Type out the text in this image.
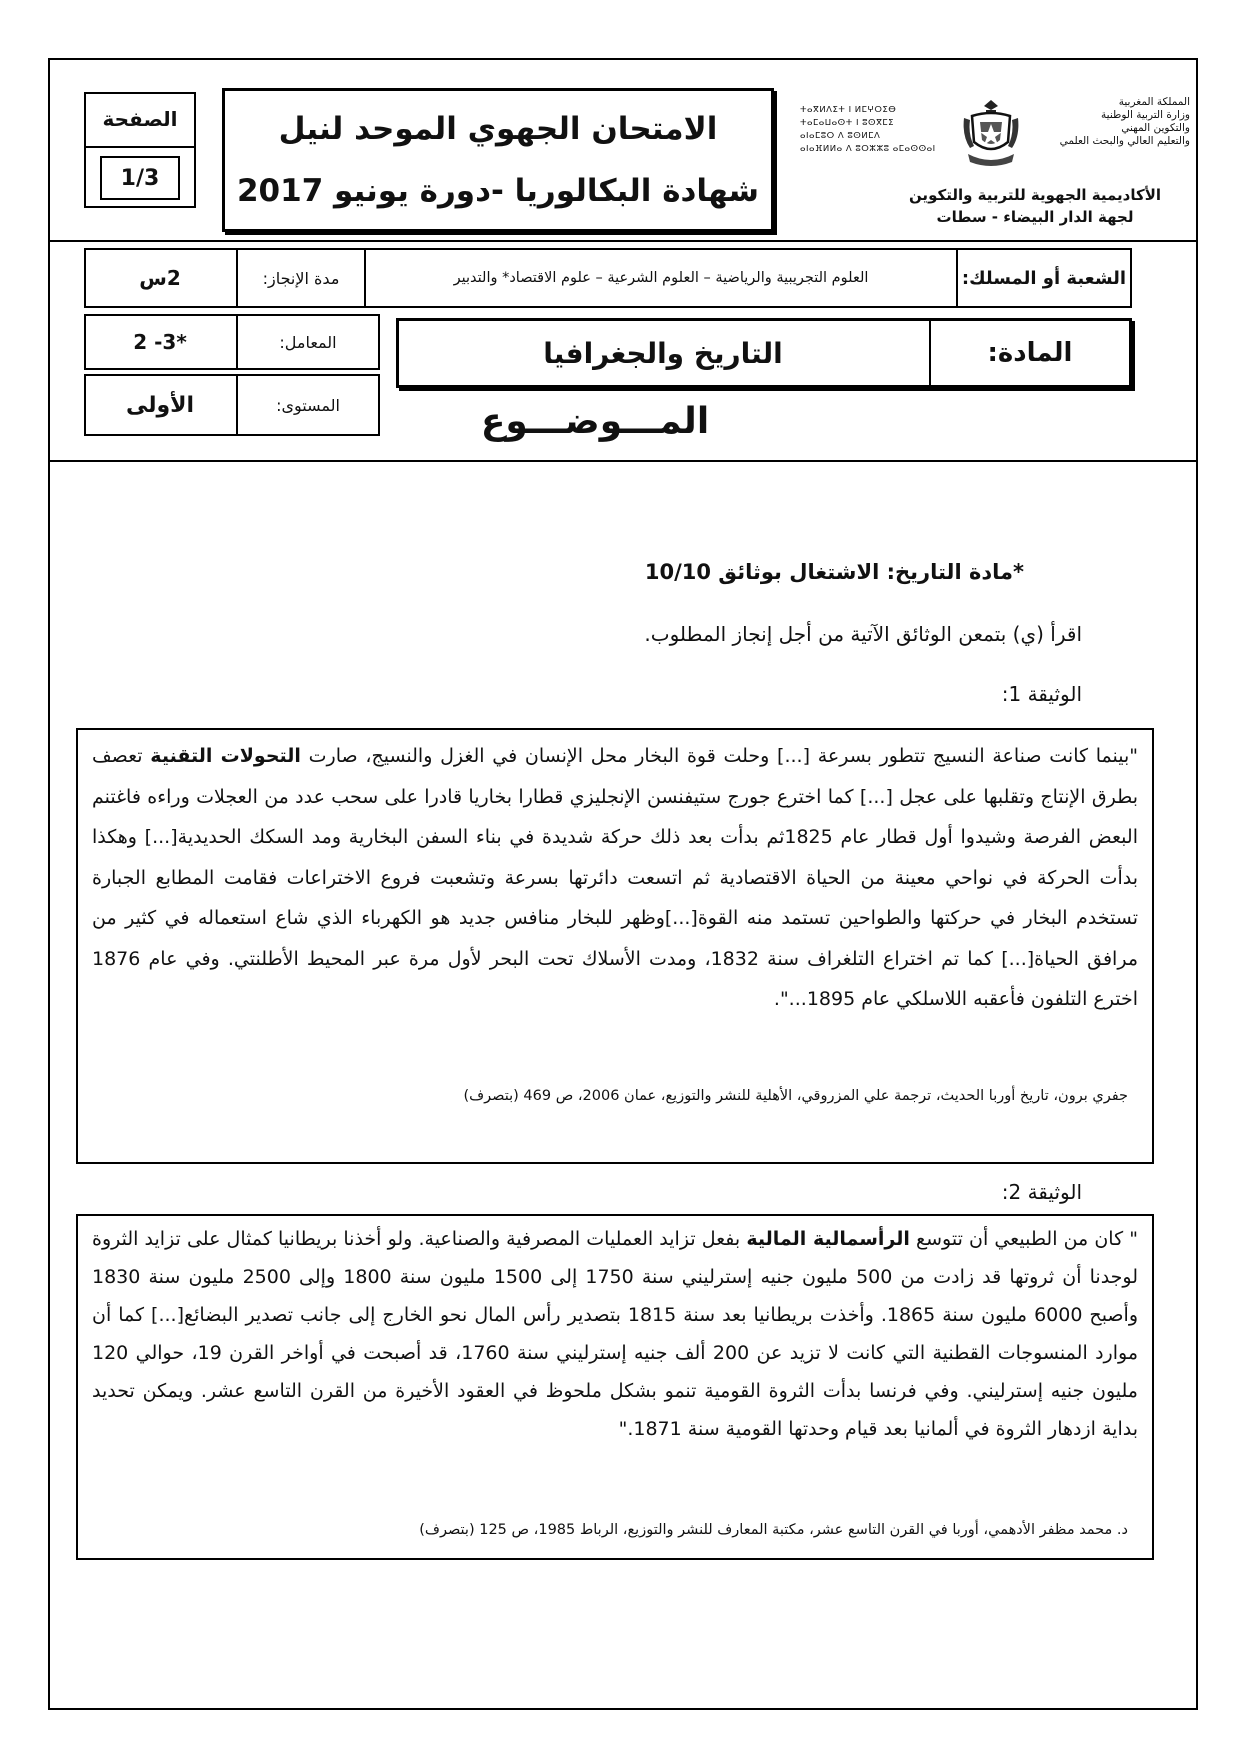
الصفحة
1/3
الامتحان الجهوي الموحد لنيل
شهادة البكالوريا -دورة يونيو 2017
ⵜⴰⴳⵍⴷⵉⵜ ⵏ ⵍⵎⵖⵔⵉⴱ
ⵜⴰⵎⴰⵡⴰⵙⵜ ⵏ ⵓⵙⴳⵎⵉ
ⴰⵏⴰⵎⵓⵔ ⴷ ⵓⵙⵍⵎⴷ
ⴰⵏⴰⴼⵍⵍⴰ ⴷ ⵓⵔⵣⵣⵓ ⴰⵎⴰⵙⵙⴰⵏ
المملكة المغربية
وزارة التربية الوطنية
والتكوين المهني
والتعليم العالي والبحث العلمي
الأكاديمية الجهوية للتربية والتكوين
لجهة الدار البيضاء - سطات
الشعبة أو المسلك:
العلوم التجريبية والرياضية – العلوم الشرعية – علوم الاقتصاد* والتدبير
مدة الإنجاز:
2س
المعامل:
2 -3*
المستوى:
الأولى
المادة:
التاريخ والجغرافيا
المـــوضـــوع
*مادة التاريخ: الاشتغال بوثائق 10/10
اقرأ (ي) بتمعن الوثائق الآتية من أجل إنجاز المطلوب.
الوثيقة 1:
"بينما كانت صناعة النسيج تتطور بسرعة [...] وحلت قوة البخار محل الإنسان في الغزل والنسيج، صارت التحولات التقنية تعصف بطرق الإنتاج وتقلبها على عجل [...] كما اخترع جورج ستيفنسن الإنجليزي قطارا بخاريا قادرا على سحب عدد من العجلات وراءه فاغتنم البعض الفرصة وشيدوا أول قطار عام 1825ثم بدأت بعد ذلك حركة شديدة في بناء السفن البخارية ومد السكك الحديدية[...] وهكذا بدأت الحركة في نواحي معينة من الحياة الاقتصادية ثم اتسعت دائرتها بسرعة وتشعبت فروع الاختراعات فقامت المطابع الجبارة تستخدم البخار في حركتها والطواحين تستمد منه القوة[...]وظهر للبخار منافس جديد هو الكهرباء الذي شاع استعماله في كثير من مرافق الحياة[...] كما تم اختراع التلغراف سنة 1832، ومدت الأسلاك تحت البحر لأول مرة عبر المحيط الأطلنتي. وفي عام 1876 اخترع التلفون فأعقبه اللاسلكي عام 1895...".
جفري برون، تاريخ أوربا الحديث، ترجمة علي المزروقي، الأهلية للنشر والتوزيع، عمان 2006، ص 469 (بتصرف)
الوثيقة 2:
" كان من الطبيعي أن تتوسع الرأسمالية المالية بفعل تزايد العمليات المصرفية والصناعية. ولو أخذنا بريطانيا كمثال على تزايد الثروة لوجدنا أن ثروتها قد زادت من 500 مليون جنيه إسترليني سنة 1750 إلى 1500 مليون سنة 1800 وإلى 2500 مليون سنة 1830 وأصبح 6000 مليون سنة 1865. وأخذت بريطانيا بعد سنة 1815 بتصدير رأس المال نحو الخارج إلى جانب تصدير البضائع[...] كما أن موارد المنسوجات القطنية التي كانت لا تزيد عن 200 ألف جنيه إسترليني سنة 1760، قد أصبحت في أواخر القرن 19، حوالي 120 مليون جنيه إسترليني. وفي فرنسا بدأت الثروة القومية تنمو بشكل ملحوظ في العقود الأخيرة من القرن التاسع عشر. ويمكن تحديد بداية ازدهار الثروة في ألمانيا بعد قيام وحدتها القومية سنة 1871."
د. محمد مظفر الأدهمي، أوربا في القرن التاسع عشر، مكتبة المعارف للنشر والتوزيع، الرباط 1985، ص 125 (بتصرف)
